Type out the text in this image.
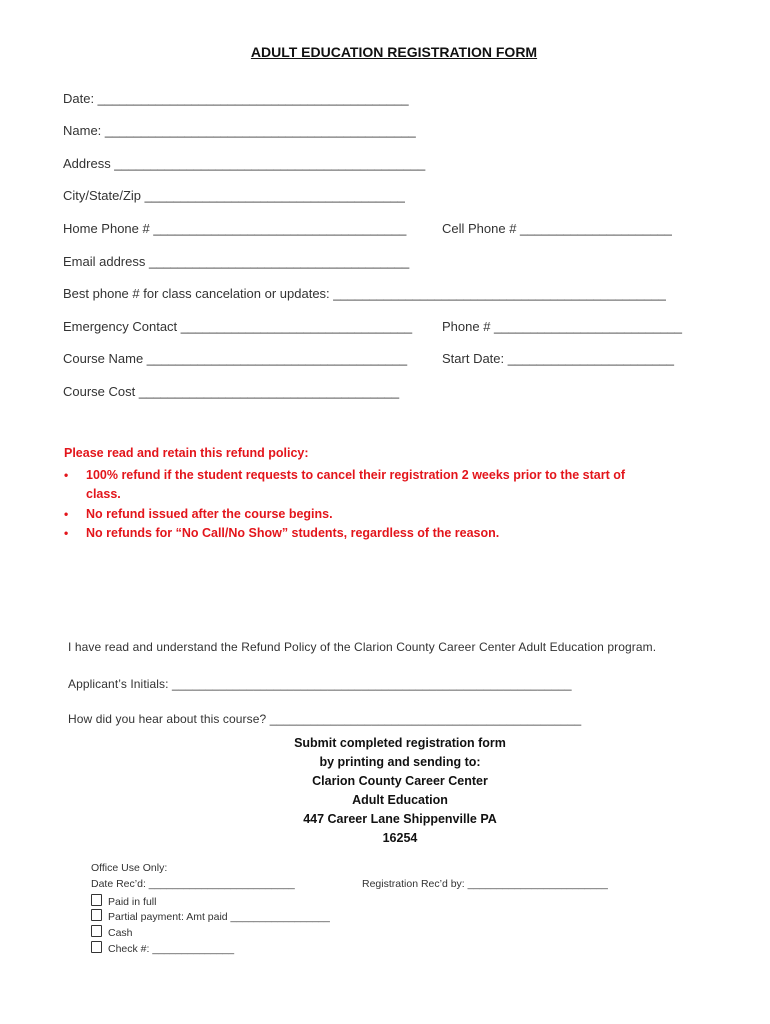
ADULT EDUCATION REGISTRATION FORM
Date: ___________________________________________
Name: ___________________________________________
Address ___________________________________________
City/State/Zip ____________________________________
Home Phone # ___________________________________	Cell Phone # _____________________
Email address ____________________________________
Best phone # for class cancelation or updates: ______________________________________________
Emergency Contact ________________________________ Phone # __________________________
Course Name ____________________________________	Start Date: _______________________
Course Cost ____________________________________
Please read and retain this refund policy:
• 100% refund if the student requests to cancel their registration 2 weeks prior to the start of
class.
• No refund issued after the course begins.
• No refunds for “No Call/No Show” students, regardless of the reason.
I have read and understand the Refund Policy of the Clarion County Career Center Adult Education program.
Applicant’s Initials: ___________________________________________________________
How did you hear about this course? ______________________________________________
Submit completed registration form
by printing and sending to:
Clarion County Career Center
Adult Education
447 Career Lane Shippenville PA
16254
Office Use Only:
Date Rec’d: _________________________	Registration Rec’d by: ________________________
Paid in full
Partial payment: Amt paid _________________
Cash
Check #: ______________
